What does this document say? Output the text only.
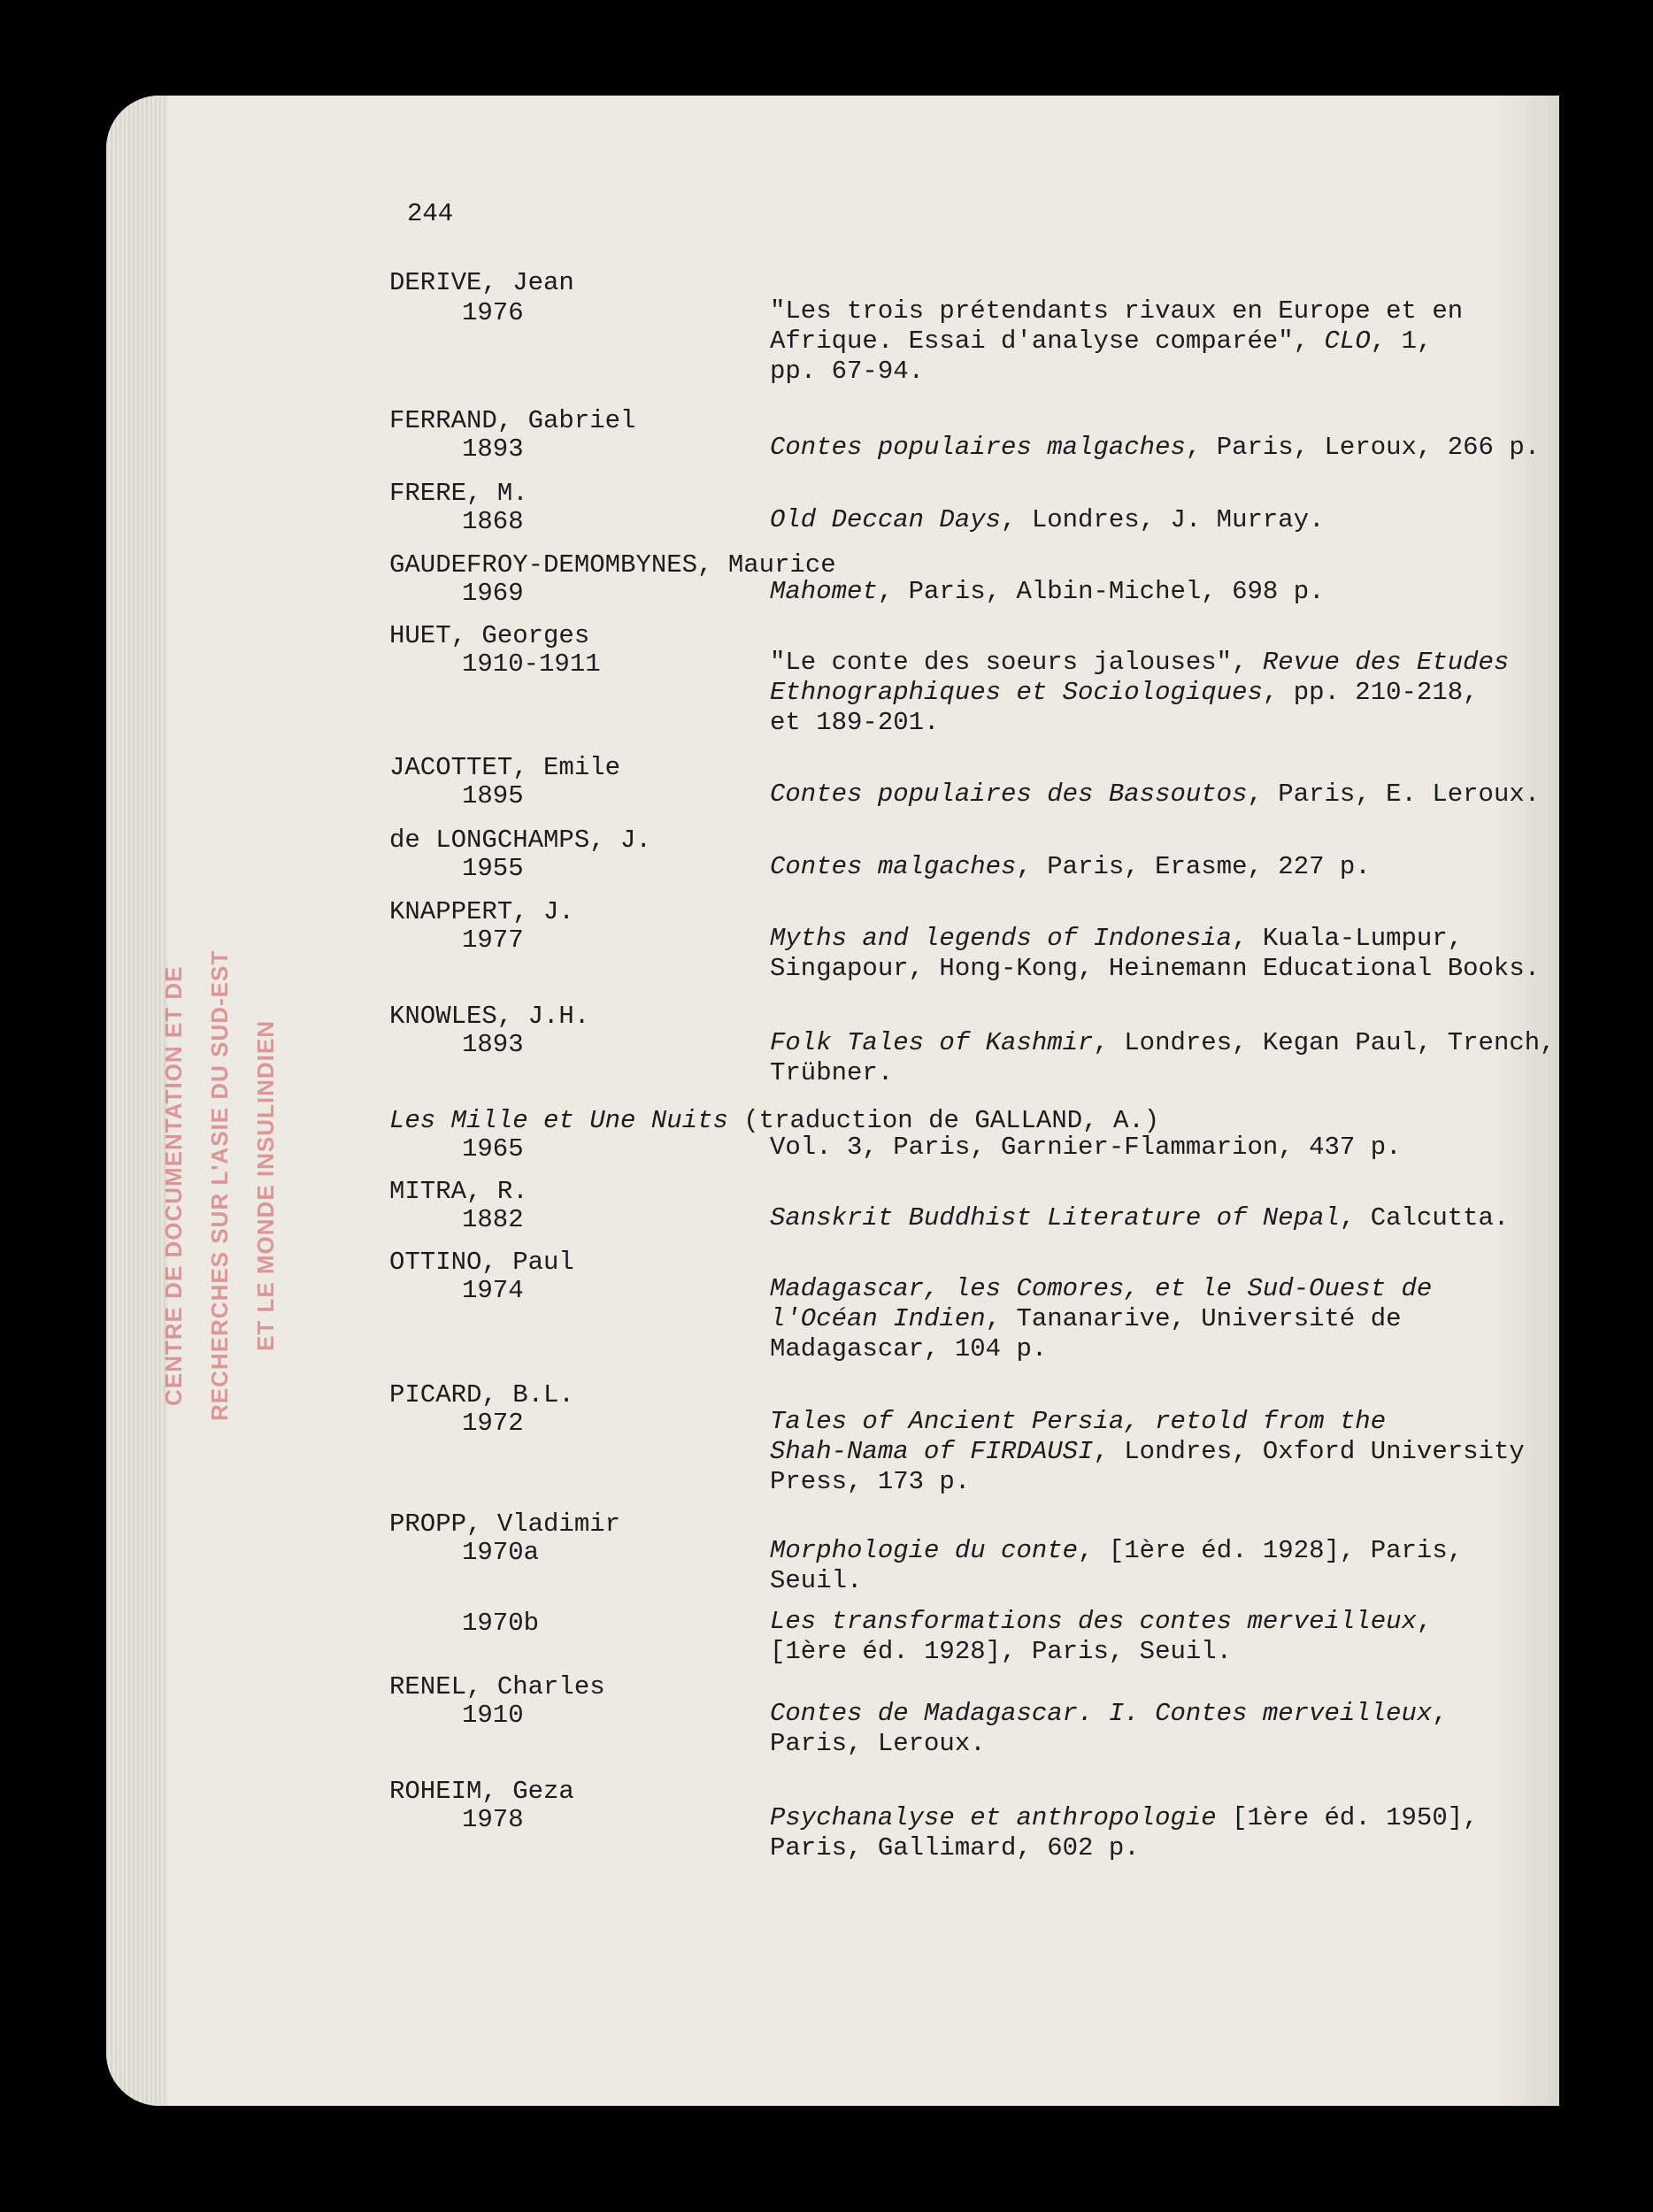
CENTRE DE DOCUMENTATION ET DE RECHERCHES SUR L'ASIE DU SUD-EST ET LE MONDE INSULINDIEN
244
DERIVE, Jean
1976	"Les trois prétendants rivaux en Europe et en
Afrique. Essai d'analyse comparée", CLO, 1,
pp. 67-94.
FERRAND, Gabriel
1893	Contes populaires malgaches, Paris, Leroux, 266 p.
FRERE, M.
1868	Old Deccan Days, Londres, J. Murray.
GAUDEFROY-DEMOMBYNES, Maurice
1969	Mahomet, Paris, Albin-Michel, 698 p.
HUET, Georges
1910-1911	"Le conte des soeurs jalouses", Revue des Etudes
Ethnographiques et Sociologiques, pp. 210-218,
et 189-201.
JACOTTET, Emile
1895	Contes populaires des Bassoutos, Paris, E. Leroux.
de LONGCHAMPS, J.
1955	Contes malgaches, Paris, Erasme, 227 p.
KNAPPERT, J.
1977	Myths and legends of Indonesia, Kuala-Lumpur,
Singapour, Hong-Kong, Heinemann Educational Books.
KNOWLES, J.H.
1893	Folk Tales of Kashmir, Londres, Kegan Paul, Trench,
Trübner.
Les Mille et Une Nuits (traduction de GALLAND, A.)
1965	Vol. 3, Paris, Garnier-Flammarion, 437 p.
MITRA, R.
1882	Sanskrit Buddhist Literature of Nepal, Calcutta.
OTTINO, Paul
1974	Madagascar, les Comores, et le Sud-Ouest de
l'Océan Indien, Tananarive, Université de
Madagascar, 104 p.
PICARD, B.L.
1972	Tales of Ancient Persia, retold from the
Shah-Nama of FIRDAUSI, Londres, Oxford University
Press, 173 p.
PROPP, Vladimir
1970a	Morphologie du conte, [1ère éd. 1928], Paris,
Seuil.
1970b	Les transformations des contes merveilleux,
[1ère éd. 1928], Paris, Seuil.
RENEL, Charles
1910	Contes de Madagascar. I. Contes merveilleux,
Paris, Leroux.
ROHEIM, Geza
1978	Psychanalyse et anthropologie [1ère éd. 1950],
Paris, Gallimard, 602 p.
